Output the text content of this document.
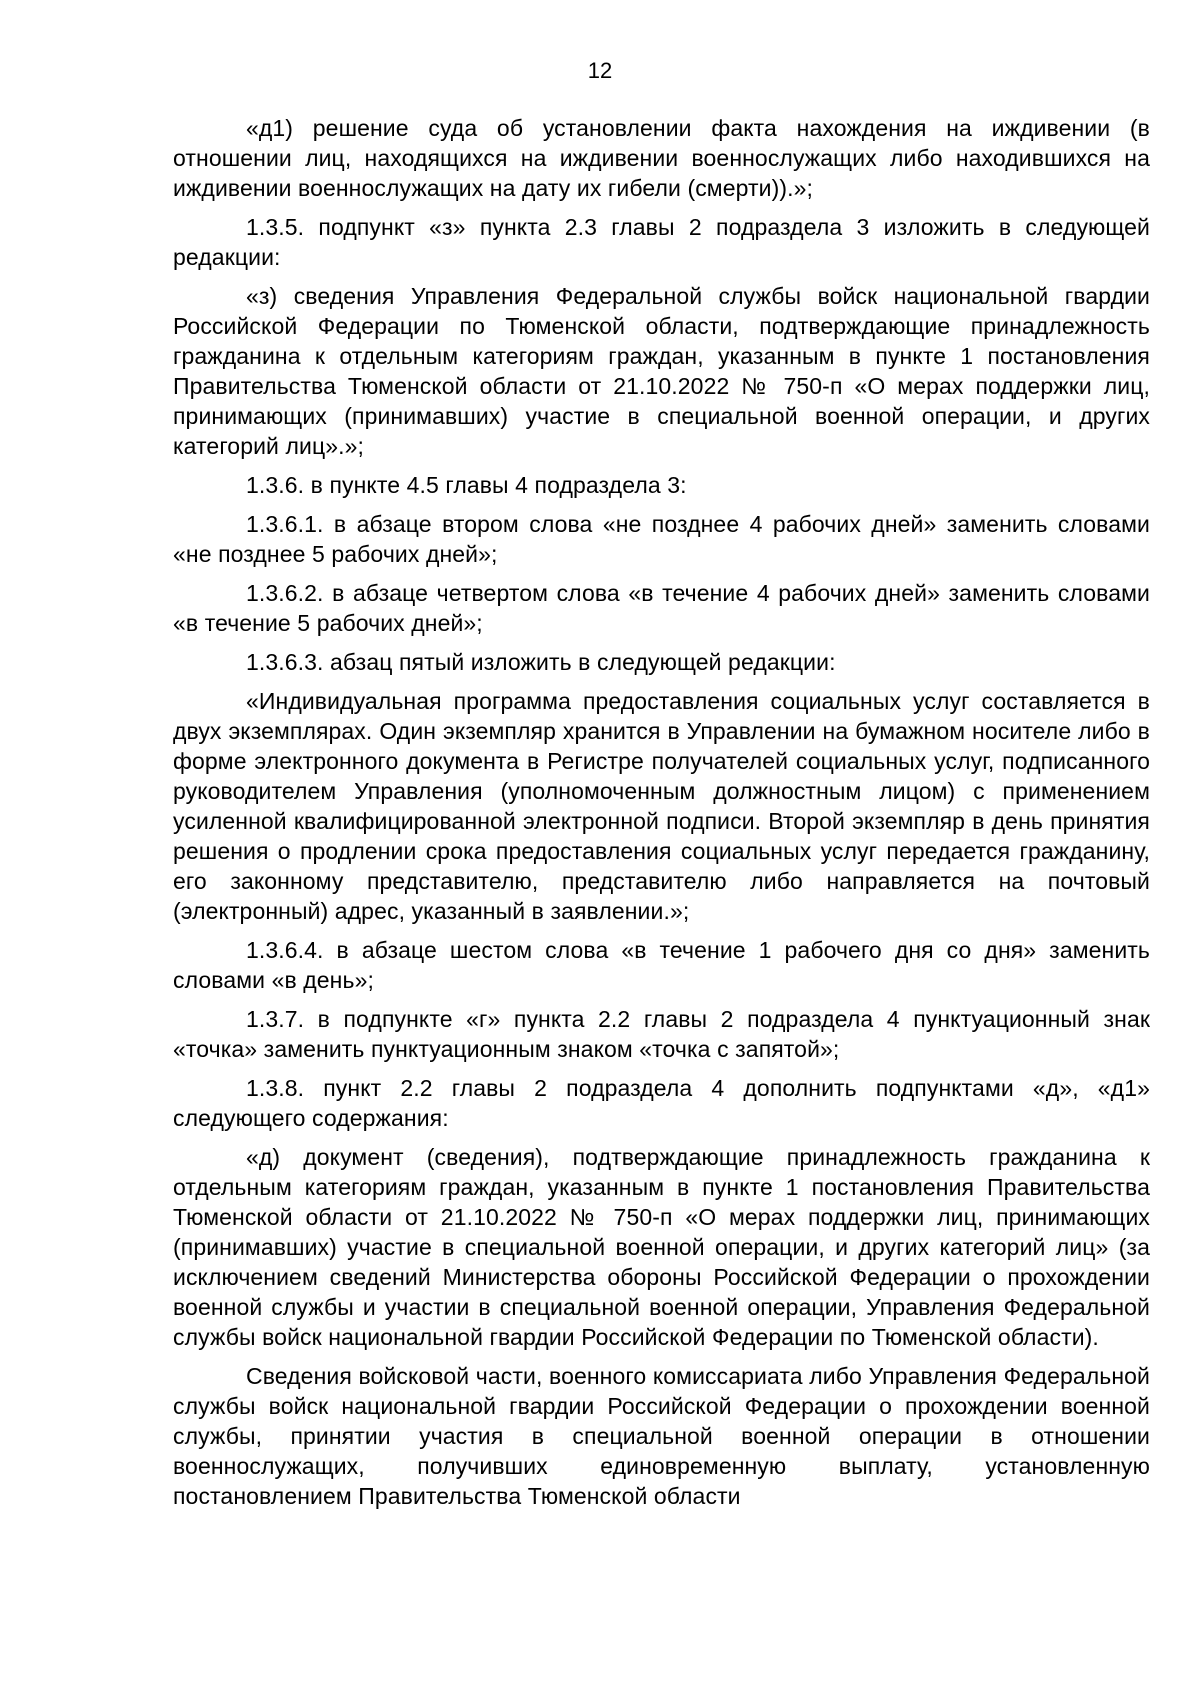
12

«д1) решение суда об установлении факта нахождения на иждивении (в отношении лиц, находящихся на иждивении военнослужащих либо находившихся на иждивении военнослужащих на дату их гибели (смерти)).»;

1.3.5. подпункт «з» пункта 2.3 главы 2 подраздела 3 изложить в следующей редакции:

«з) сведения Управления Федеральной службы войск национальной гвардии Российской Федерации по Тюменской области, подтверждающие принадлежность гражданина к отдельным категориям граждан, указанным в пункте 1 постановления Правительства Тюменской области от 21.10.2022 № 750-п «О мерах поддержки лиц, принимающих (принимавших) участие в специальной военной операции, и других категорий лиц».»;

1.3.6. в пункте 4.5 главы 4 подраздела 3:

1.3.6.1. в абзаце втором слова «не позднее 4 рабочих дней» заменить словами «не позднее 5 рабочих дней»;

1.3.6.2. в абзаце четвертом слова «в течение 4 рабочих дней» заменить словами «в течение 5 рабочих дней»;

1.3.6.3. абзац пятый изложить в следующей редакции:

«Индивидуальная программа предоставления социальных услуг составляется в двух экземплярах. Один экземпляр хранится в Управлении на бумажном носителе либо в форме электронного документа в Регистре получателей социальных услуг, подписанного руководителем Управления (уполномоченным должностным лицом) с применением усиленной квалифицированной электронной подписи. Второй экземпляр в день принятия решения о продлении срока предоставления социальных услуг передается гражданину, его законному представителю, представителю либо направляется на почтовый (электронный) адрес, указанный в заявлении.»;

1.3.6.4. в абзаце шестом слова «в течение 1 рабочего дня со дня» заменить словами «в день»;

1.3.7. в подпункте «г» пункта 2.2 главы 2 подраздела 4 пунктуационный знак «точка» заменить пунктуационным знаком «точка с запятой»;

1.3.8. пункт 2.2 главы 2 подраздела 4 дополнить подпунктами «д», «д1» следующего содержания:

«д) документ (сведения), подтверждающие принадлежность гражданина к отдельным категориям граждан, указанным в пункте 1 постановления Правительства Тюменской области от 21.10.2022 № 750-п «О мерах поддержки лиц, принимающих (принимавших) участие в специальной военной операции, и других категорий лиц» (за исключением сведений Министерства обороны Российской Федерации о прохождении военной службы и участии в специальной военной операции, Управления Федеральной службы войск национальной гвардии Российской Федерации по Тюменской области).

Сведения войсковой части, военного комиссариата либо Управления Федеральной службы войск национальной гвардии Российской Федерации о прохождении военной службы, принятии участия в специальной военной операции в отношении военнослужащих, получивших единовременную выплату, установленную постановлением Правительства Тюменской области
